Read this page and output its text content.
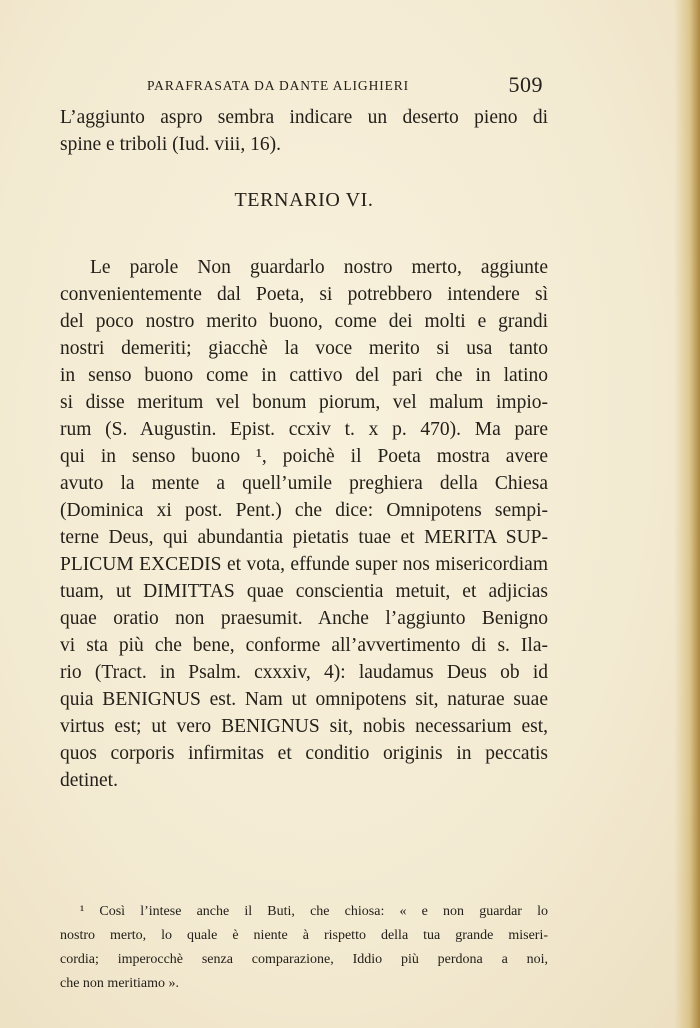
PARAFRASATA DA DANTE ALIGHIERI	509
L’aggiunto aspro sembra indicare un deserto pieno di
spine e triboli (Iud. viii, 16).
TERNARIO VI.
Le parole Non guardarlo nostro merto, aggiunte
convenientemente dal Poeta, si potrebbero intendere sì
del poco nostro merito buono, come dei molti e grandi
nostri demeriti; giacchè la voce merito si usa tanto
in senso buono come in cattivo del pari che in latino
si disse meritum vel bonum piorum, vel malum impio-
rum (S. Augustin. Epist. ccxiv t. x p. 470). Ma pare
qui in senso buono ¹, poichè il Poeta mostra avere
avuto la mente a quell’umile preghiera della Chiesa
(Dominica xi post. Pent.) che dice: Omnipotens sempi-
terne Deus, qui abundantia pietatis tuae et MERITA SUP-
PLICUM EXCEDIS et vota, effunde super nos misericordiam
tuam, ut DIMITTAS quae conscientia metuit, et adjicias
quae oratio non praesumit. Anche l’aggiunto Benigno
vi sta più che bene, conforme all’avvertimento di s. Ila-
rio (Tract. in Psalm. cxxxiv, 4): laudamus Deus ob id
quia BENIGNUS est. Nam ut omnipotens sit, naturae suae
virtus est; ut vero BENIGNUS sit, nobis necessarium est,
quos corporis infirmitas et conditio originis in peccatis
detinet.
¹ Così l’intese anche il Buti, che chiosa: « e non guardar lo
nostro merto, lo quale è niente à rispetto della tua grande miseri-
cordia; imperocchè senza comparazione, Iddio più perdona a noi,
che non meritiamo ».
